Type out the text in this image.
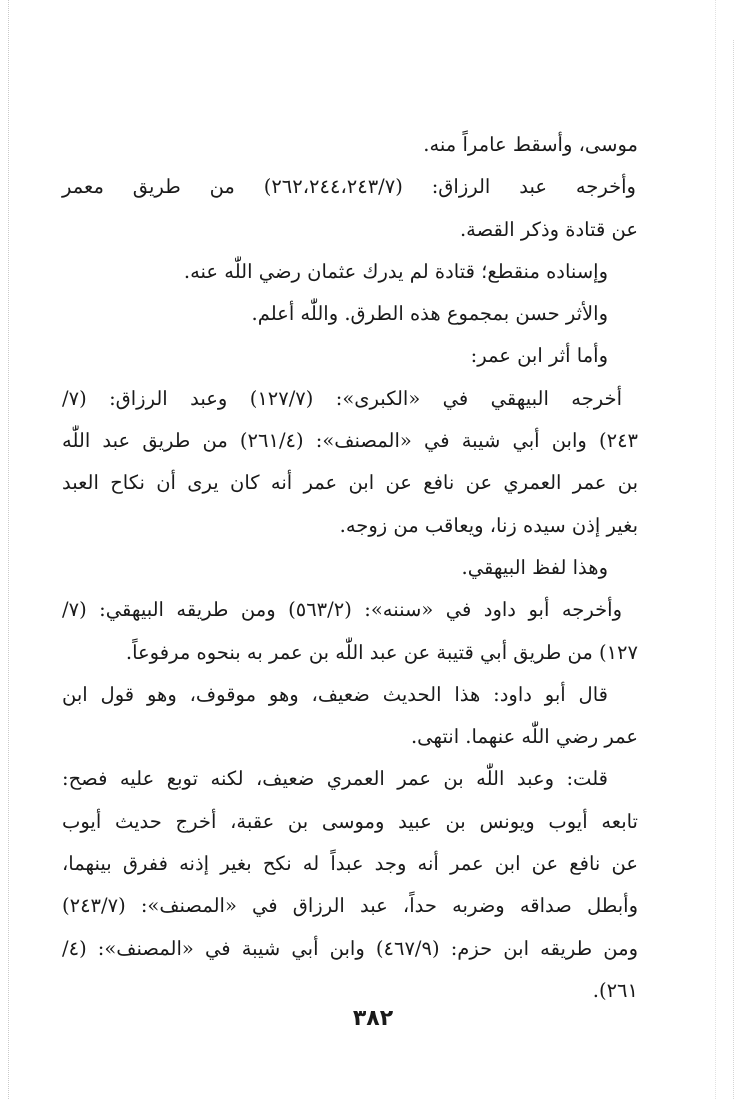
موسى، وأسقط عامراً منه.
وأخرجه عبد الرزاق: (٢٦٢،٢٤٤،٢٤٣/٧) من طريق معمر
عن قتادة وذكر القصة.
وإسناده منقطع؛ قتادة لم يدرك عثمان رضي اللّٰه عنه.
والأثر حسن بمجموع هذه الطرق. واللّٰه أعلم.
وأما أثر ابن عمر:
أخرجه البيهقي في «الكبرى»: (١٢٧/٧) وعبد الرزاق: (٧/
٢٤٣) وابن أبي شيبة في «المصنف»: (٢٦١/٤) من طريق عبد اللّٰه
بن عمر العمري عن نافع عن ابن عمر أنه كان يرى أن نكاح العبد
بغير إذن سيده زنا، ويعاقب من زوجه.
وهذا لفظ البيهقي.
وأخرجه أبو داود في «سننه»: (٥٦٣/٢) ومن طريقه البيهقي: (٧/
١٢٧) من طريق أبي قتيبة عن عبد اللّٰه بن عمر به بنحوه مرفوعاً.
قال أبو داود: هذا الحديث ضعيف، وهو موقوف، وهو قول ابن
عمر رضي اللّٰه عنهما. انتهى.
قلت: وعبد اللّٰه بن عمر العمري ضعيف، لكنه توبع عليه فصح:
تابعه أيوب ويونس بن عبيد وموسى بن عقبة، أخرج حديث أيوب
عن نافع عن ابن عمر أنه وجد عبداً له نكح بغير إذنه ففرق بينهما،
وأبطل صداقه وضربه حداً، عبد الرزاق في «المصنف»: (٢٤٣/٧)
ومن طريقه ابن حزم: (٤٦٧/٩) وابن أبي شيبة في «المصنف»: (٤/
٢٦١).
٣٨٢
